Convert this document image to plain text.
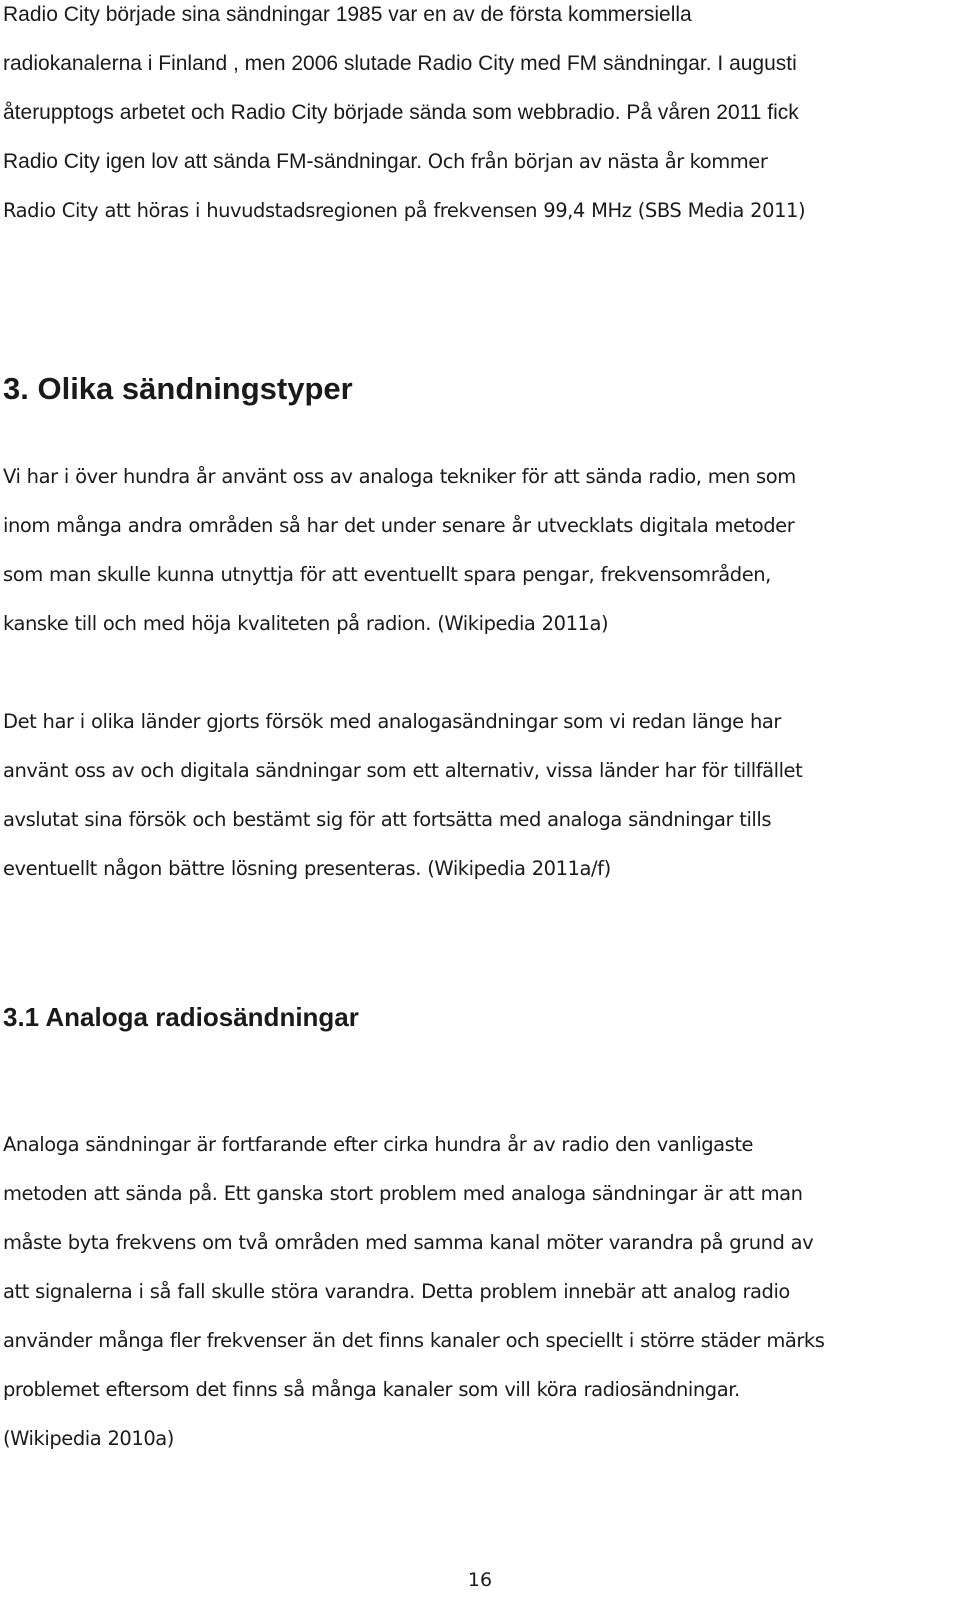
Radio City började sina sändningar 1985 var en av de första kommersiella
radiokanalerna i Finland , men 2006 slutade Radio City med FM sändningar. I augusti
återupptogs arbetet och Radio City började sända som webbradio. På våren 2011 fick
Radio City igen lov att sända FM-sändningar. Och från början av nästa år kommer
Radio City att höras i huvudstadsregionen på frekvensen 99,4 MHz (SBS Media 2011)
3. Olika sändningstyper
Vi har i över hundra år använt oss av analoga tekniker för att sända radio, men som
inom många andra områden så har det under senare år utvecklats digitala metoder
som man skulle kunna utnyttja för att eventuellt spara pengar, frekvensområden,
kanske till och med höja kvaliteten på radion. (Wikipedia 2011a)
Det har i olika länder gjorts försök med analogasändningar som vi redan länge har
använt oss av och digitala sändningar som ett alternativ, vissa länder har för tillfället
avslutat sina försök och bestämt sig för att fortsätta med analoga sändningar tills
eventuellt någon bättre lösning presenteras. (Wikipedia 2011a/f)
3.1 Analoga radiosändningar
Analoga sändningar är fortfarande efter cirka hundra år av radio den vanligaste
metoden att sända på. Ett ganska stort problem med analoga sändningar är att man
måste byta frekvens om två områden med samma kanal möter varandra på grund av
att signalerna i så fall skulle störa varandra. Detta problem innebär att analog radio
använder många fler frekvenser än det finns kanaler och speciellt i större städer märks
problemet eftersom det finns så många kanaler som vill köra radiosändningar.
(Wikipedia 2010a)
16
